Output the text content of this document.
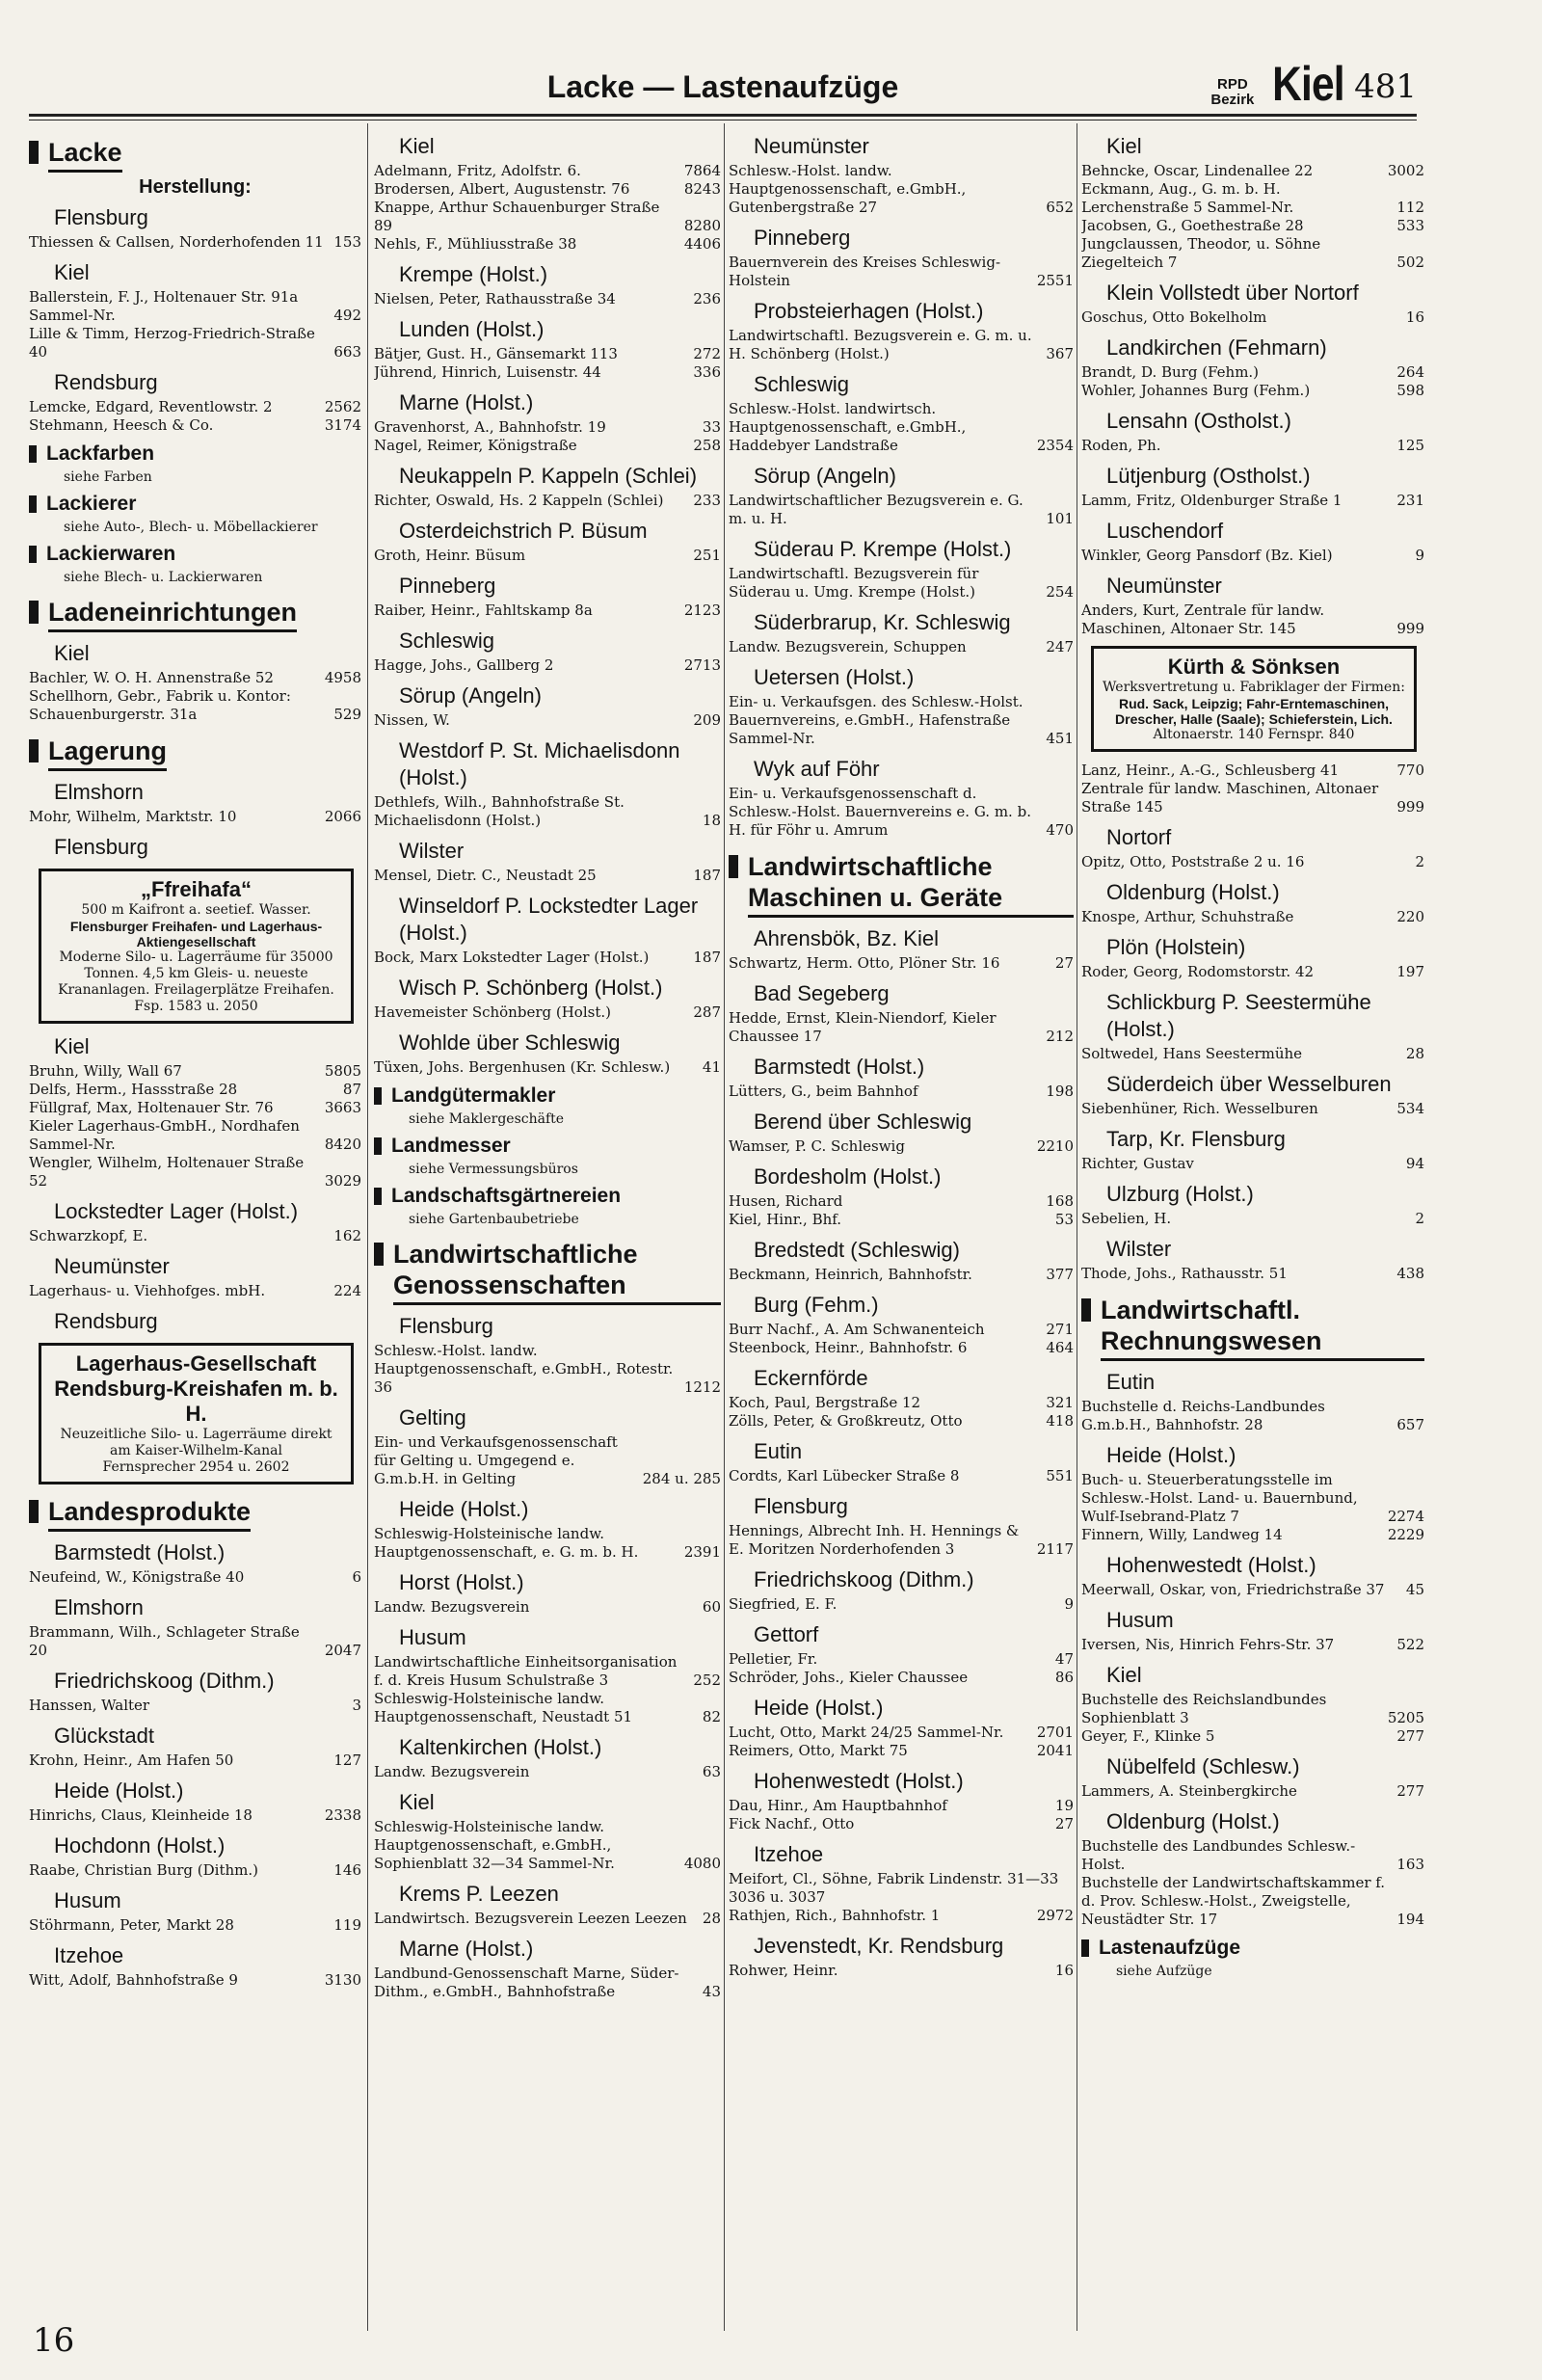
Lacke — Lastenaufzüge	RPD
Bezirk Kiel 481
Lacke
Herstellung:
Flensburg
Thiessen & Callsen, Norderhofenden 11 153
Kiel
Ballerstein, F. J., Holtenauer Str. 91a Sammel-Nr.	492
Lille & Timm, Herzog-Friedrich-Straße 40	663
Rendsburg
Lemcke, Edgard, Reventlowstr. 2	2562
Stehmann, Heesch & Co.	3174
Lackfarben
siehe Farben
Lackierer
siehe Auto-, Blech- u. Möbellackierer
Lackierwaren
siehe Blech- u. Lackierwaren
Ladeneinrichtungen
Kiel
Bachler, W. O. H. Annenstraße 52	4958
Schellhorn, Gebr., Fabrik u. Kontor: Schauenburgerstr. 31a	529
Lagerung
Elmshorn
Mohr, Wilhelm, Marktstr. 10	2066
Flensburg
„Ffreihafa“
500 m Kaifront a. seetief. Wasser.
Flensburger Freihafen- und Lagerhaus-Aktiengesellschaft
Moderne Silo- u. Lagerräume für 35000 Tonnen. 4,5 km Gleis- u. neueste Krananlagen. Freilagerplätze Freihafen. Fsp. 1583 u. 2050
Kiel
Bruhn, Willy, Wall 67	5805
Delfs, Herm., Hassstraße 28	87
Füllgraf, Max, Holtenauer Str. 76	3663
Kieler Lagerhaus-GmbH., Nordhafen Sammel-Nr.	8420
Wengler, Wilhelm, Holtenauer Straße 52	3029
Lockstedter Lager (Holst.)
Schwarzkopf, E.	162
Neumünster
Lagerhaus- u. Viehhofges. mbH.	224
Rendsburg
Lagerhaus-Gesellschaft Rendsburg-Kreishafen m. b. H.
Neuzeitliche Silo- u. Lagerräume direkt am Kaiser-Wilhelm-Kanal
Fernsprecher 2954 u. 2602
Landesprodukte
Barmstedt (Holst.)
Neufeind, W., Königstraße 40	6
Elmshorn
Brammann, Wilh., Schlageter Straße 20	2047
Friedrichskoog (Dithm.)
Hanssen, Walter	3
Glückstadt
Krohn, Heinr., Am Hafen 50	127
Heide (Holst.)
Hinrichs, Claus, Kleinheide 18	2338
Hochdonn (Holst.)
Raabe, Christian Burg (Dithm.)	146
Husum
Stöhrmann, Peter, Markt 28	119
Itzehoe
Witt, Adolf, Bahnhofstraße 9	3130
Kiel
Adelmann, Fritz, Adolfstr. 6.	7864
Brodersen, Albert, Augustenstr. 76	8243
Knappe, Arthur Schauenburger Straße 89	8280
Nehls, F., Mühliusstraße 38	4406
Krempe (Holst.)
Nielsen, Peter, Rathausstraße 34	236
Lunden (Holst.)
Bätjer, Gust. H., Gänsemarkt 113	272
Jührend, Hinrich, Luisenstr. 44	336
Marne (Holst.)
Gravenhorst, A., Bahnhofstr. 19	33
Nagel, Reimer, Königstraße	258
Neukappeln P. Kappeln (Schlei)
Richter, Oswald, Hs. 2 Kappeln (Schlei)	233
Osterdeichstrich P. Büsum
Groth, Heinr. Büsum	251
Pinneberg
Raiber, Heinr., Fahltskamp 8a	2123
Schleswig
Hagge, Johs., Gallberg 2	2713
Sörup (Angeln)
Nissen, W.	209
Westdorf P. St. Michaelisdonn (Holst.)
Dethlefs, Wilh., Bahnhofstraße St. Michaelisdonn (Holst.)	18
Wilster
Mensel, Dietr. C., Neustadt 25	187
Winseldorf P. Lockstedter Lager (Holst.)
Bock, Marx Lokstedter Lager (Holst.)	187
Wisch P. Schönberg (Holst.)
Havemeister Schönberg (Holst.)	287
Wohlde über Schleswig
Tüxen, Johs. Bergenhusen (Kr. Schlesw.)	41
Landgütermakler
siehe Maklergeschäfte
Landmesser
siehe Vermessungsbüros
Landschaftsgärtnereien
siehe Gartenbaubetriebe
Landwirtschaftliche Genossenschaften
Flensburg
Schlesw.-Holst. landw. Hauptgenossenschaft, e.GmbH., Rotestr. 36	1212
Gelting
Ein- und Verkaufsgenossenschaft für Gelting u. Umgegend e. G.m.b.H. in Gelting	284 u. 285
Heide (Holst.)
Schleswig-Holsteinische landw. Hauptgenossenschaft, e. G. m. b. H.	2391
Horst (Holst.)
Landw. Bezugsverein	60
Husum
Landwirtschaftliche Einheitsorganisation f. d. Kreis Husum Schulstraße 3	252
Schleswig-Holsteinische landw. Hauptgenossenschaft, Neustadt 51	82
Kaltenkirchen (Holst.)
Landw. Bezugsverein	63
Kiel
Schleswig-Holsteinische landw. Hauptgenossenschaft, e.GmbH., Sophienblatt 32—34 Sammel-Nr.	4080
Krems P. Leezen
Landwirtsch. Bezugsverein Leezen Leezen	28
Marne (Holst.)
Landbund-Genossenschaft Marne, Süder-Dithm., e.GmbH., Bahnhofstraße	43
Neumünster
Schlesw.-Holst. landw. Hauptgenossenschaft, e.GmbH., Gutenbergstraße 27	652
Pinneberg
Bauernverein des Kreises Schleswig-Holstein	2551
Probsteierhagen (Holst.)
Landwirtschaftl. Bezugsverein e. G. m. u. H. Schönberg (Holst.)	367
Schleswig
Schlesw.-Holst. landwirtsch. Hauptgenossenschaft, e.GmbH., Haddebyer Landstraße	2354
Sörup (Angeln)
Landwirtschaftlicher Bezugsverein e. G. m. u. H.	101
Süderau P. Krempe (Holst.)
Landwirtschaftl. Bezugsverein für Süderau u. Umg. Krempe (Holst.)	254
Süderbrarup, Kr. Schleswig
Landw. Bezugsverein, Schuppen	247
Uetersen (Holst.)
Ein- u. Verkaufsgen. des Schlesw.-Holst. Bauernvereins, e.GmbH., Hafenstraße Sammel-Nr.	451
Wyk auf Föhr
Ein- u. Verkaufsgenossenschaft d. Schlesw.-Holst. Bauernvereins e. G. m. b. H. für Föhr u. Amrum	470
Landwirtschaftliche Maschinen u. Geräte
Ahrensbök, Bz. Kiel
Schwartz, Herm. Otto, Plöner Str. 16	27
Bad Segeberg
Hedde, Ernst, Klein-Niendorf, Kieler Chaussee 17	212
Barmstedt (Holst.)
Lütters, G., beim Bahnhof	198
Berend über Schleswig
Wamser, P. C. Schleswig	2210
Bordesholm (Holst.)
Husen, Richard	168
Kiel, Hinr., Bhf.	53
Bredstedt (Schleswig)
Beckmann, Heinrich, Bahnhofstr.	377
Burg (Fehm.)
Burr Nachf., A. Am Schwanenteich	271
Steenbock, Heinr., Bahnhofstr. 6	464
Eckernförde
Koch, Paul, Bergstraße 12	321
Zölls, Peter, & Großkreutz, Otto	418
Eutin
Cordts, Karl Lübecker Straße 8	551
Flensburg
Hennings, Albrecht Inh. H. Hennings & E. Moritzen Norderhofenden 3	2117
Friedrichskoog (Dithm.)
Siegfried, E. F.	9
Gettorf
Pelletier, Fr.	47
Schröder, Johs., Kieler Chaussee	86
Heide (Holst.)
Lucht, Otto, Markt 24/25 Sammel-Nr.	2701
Reimers, Otto, Markt 75	2041
Hohenwestedt (Holst.)
Dau, Hinr., Am Hauptbahnhof	19
Fick Nachf., Otto	27
Itzehoe
Meifort, Cl., Söhne, Fabrik Lindenstr. 31—33 3036 u. 3037
Rathjen, Rich., Bahnhofstr. 1	2972
Jevenstedt, Kr. Rendsburg
Rohwer, Heinr.	16
Kiel
Behncke, Oscar, Lindenallee 22	3002
Eckmann, Aug., G. m. b. H. Lerchenstraße 5 Sammel-Nr.	112
Jacobsen, G., Goethestraße 28	533
Jungclaussen, Theodor, u. Söhne Ziegelteich 7	502
Klein Vollstedt über Nortorf
Goschus, Otto Bokelholm	16
Landkirchen (Fehmarn)
Brandt, D. Burg (Fehm.)	264
Wohler, Johannes Burg (Fehm.)	598
Lensahn (Ostholst.)
Roden, Ph.	125
Lütjenburg (Ostholst.)
Lamm, Fritz, Oldenburger Straße 1	231
Luschendorf
Winkler, Georg Pansdorf (Bz. Kiel)	9
Neumünster
Anders, Kurt, Zentrale für landw. Maschinen, Altonaer Str. 145	999
Kürth & Sönksen
Werksvertretung u. Fabriklager der Firmen:
Rud. Sack, Leipzig; Fahr-Erntemaschinen, Drescher, Halle (Saale); Schieferstein, Lich.
Altonaerstr. 140 Fernspr. 840
Lanz, Heinr., A.-G., Schleusberg 41	770
Zentrale für landw. Maschinen, Altonaer Straße 145	999
Nortorf
Opitz, Otto, Poststraße 2 u. 16	2
Oldenburg (Holst.)
Knospe, Arthur, Schuhstraße	220
Plön (Holstein)
Roder, Georg, Rodomstorstr. 42	197
Schlickburg P. Seestermühe (Holst.)
Soltwedel, Hans Seestermühe	28
Süderdeich über Wesselburen
Siebenhüner, Rich. Wesselburen	534
Tarp, Kr. Flensburg
Richter, Gustav	94
Ulzburg (Holst.)
Sebelien, H.	2
Wilster
Thode, Johs., Rathausstr. 51	438
Landwirtschaftl. Rechnungswesen
Eutin
Buchstelle d. Reichs-Landbundes G.m.b.H., Bahnhofstr. 28	657
Heide (Holst.)
Buch- u. Steuerberatungsstelle im Schlesw.-Holst. Land- u. Bauernbund, Wulf-Isebrand-Platz 7	2274
Finnern, Willy, Landweg 14	2229
Hohenwestedt (Holst.)
Meerwall, Oskar, von, Friedrichstraße 37	45
Husum
Iversen, Nis, Hinrich Fehrs-Str. 37	522
Kiel
Buchstelle des Reichslandbundes Sophienblatt 3	5205
Geyer, F., Klinke 5	277
Nübelfeld (Schlesw.)
Lammers, A. Steinbergkirche	277
Oldenburg (Holst.)
Buchstelle des Landbundes Schlesw.-Holst.	163
Buchstelle der Landwirtschaftskammer f. d. Prov. Schlesw.-Holst., Zweigstelle, Neustädter Str. 17	194
Lastenaufzüge
siehe Aufzüge
16
